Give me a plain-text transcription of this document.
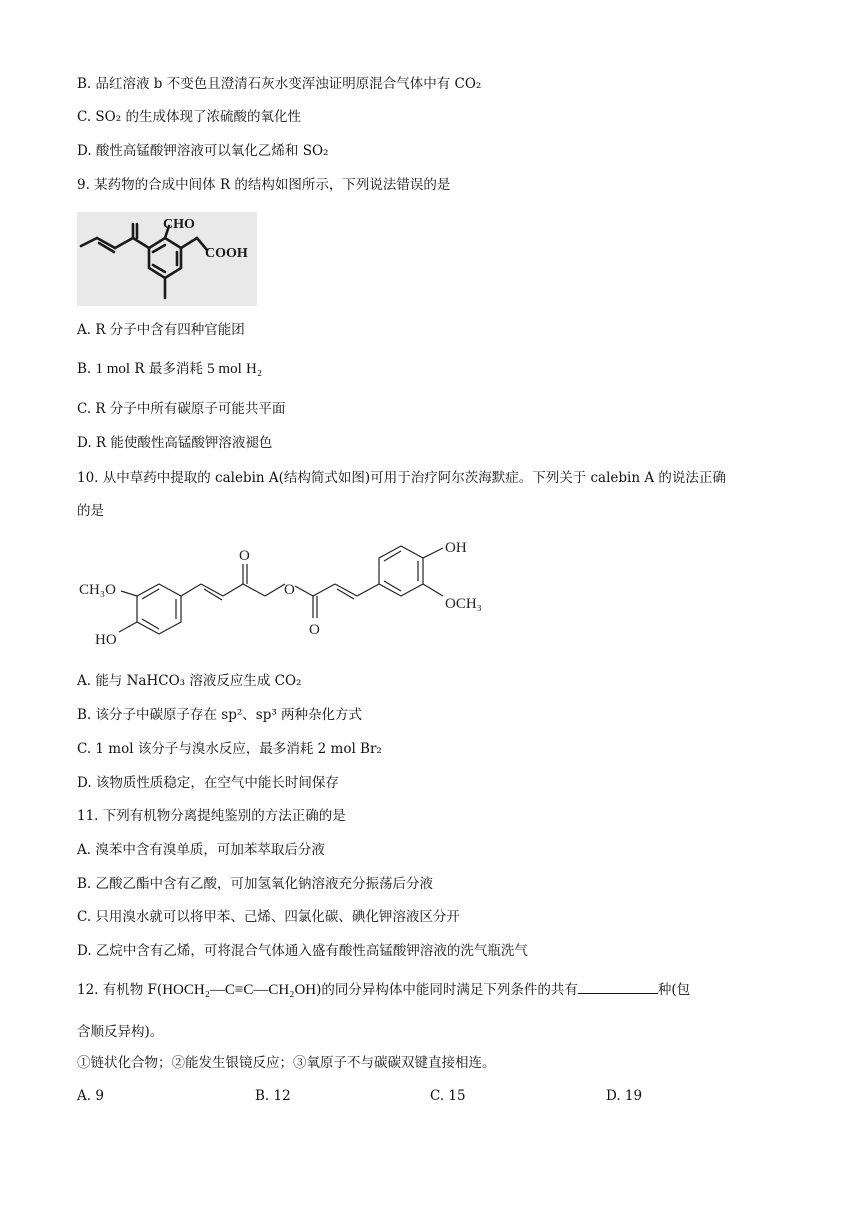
B. 品红溶液 b 不变色且澄清石灰水变浑浊证明原混合气体中有 CO₂
C. SO₂ 的生成体现了浓硫酸的氧化性
D. 酸性高锰酸钾溶液可以氧化乙烯和 SO₂
9. 某药物的合成中间体 R 的结构如图所示，下列说法错误的是
CHO
COOH
A. R 分子中含有四种官能团
B. 1 mol R 最多消耗 5 mol H₂
C. R 分子中所有碳原子可能共平面
D. R 能使酸性高锰酸钾溶液褪色
10. 从中草药中提取的 calebin A(结构简式如图)可用于治疗阿尔茨海默症。下列关于 calebin A 的说法正确
的是
CH₃O
HO
O
O
O
OH
OCH₃
A. 能与 NaHCO₃ 溶液反应生成 CO₂
B. 该分子中碳原子存在 sp²、sp³ 两种杂化方式
C. 1 mol 该分子与溴水反应，最多消耗 2 mol Br₂
D. 该物质性质稳定，在空气中能长时间保存
11. 下列有机物分离提纯鉴别的方法正确的是
A. 溴苯中含有溴单质，可加苯萃取后分液
B. 乙酸乙酯中含有乙酸，可加氢氧化钠溶液充分振荡后分液
C. 只用溴水就可以将甲苯、己烯、四氯化碳、碘化钾溶液区分开
D. 乙烷中含有乙烯，可将混合气体通入盛有酸性高锰酸钾溶液的洗气瓶洗气
12. 有机物 F(HOCH₂—C≡C—CH₂OH)的同分异构体中能同时满足下列条件的共有	种(包
含顺反异构)。
①链状化合物；②能发生银镜反应；③氧原子不与碳碳双键直接相连。
A. 9	B. 12	C. 15	D. 19
